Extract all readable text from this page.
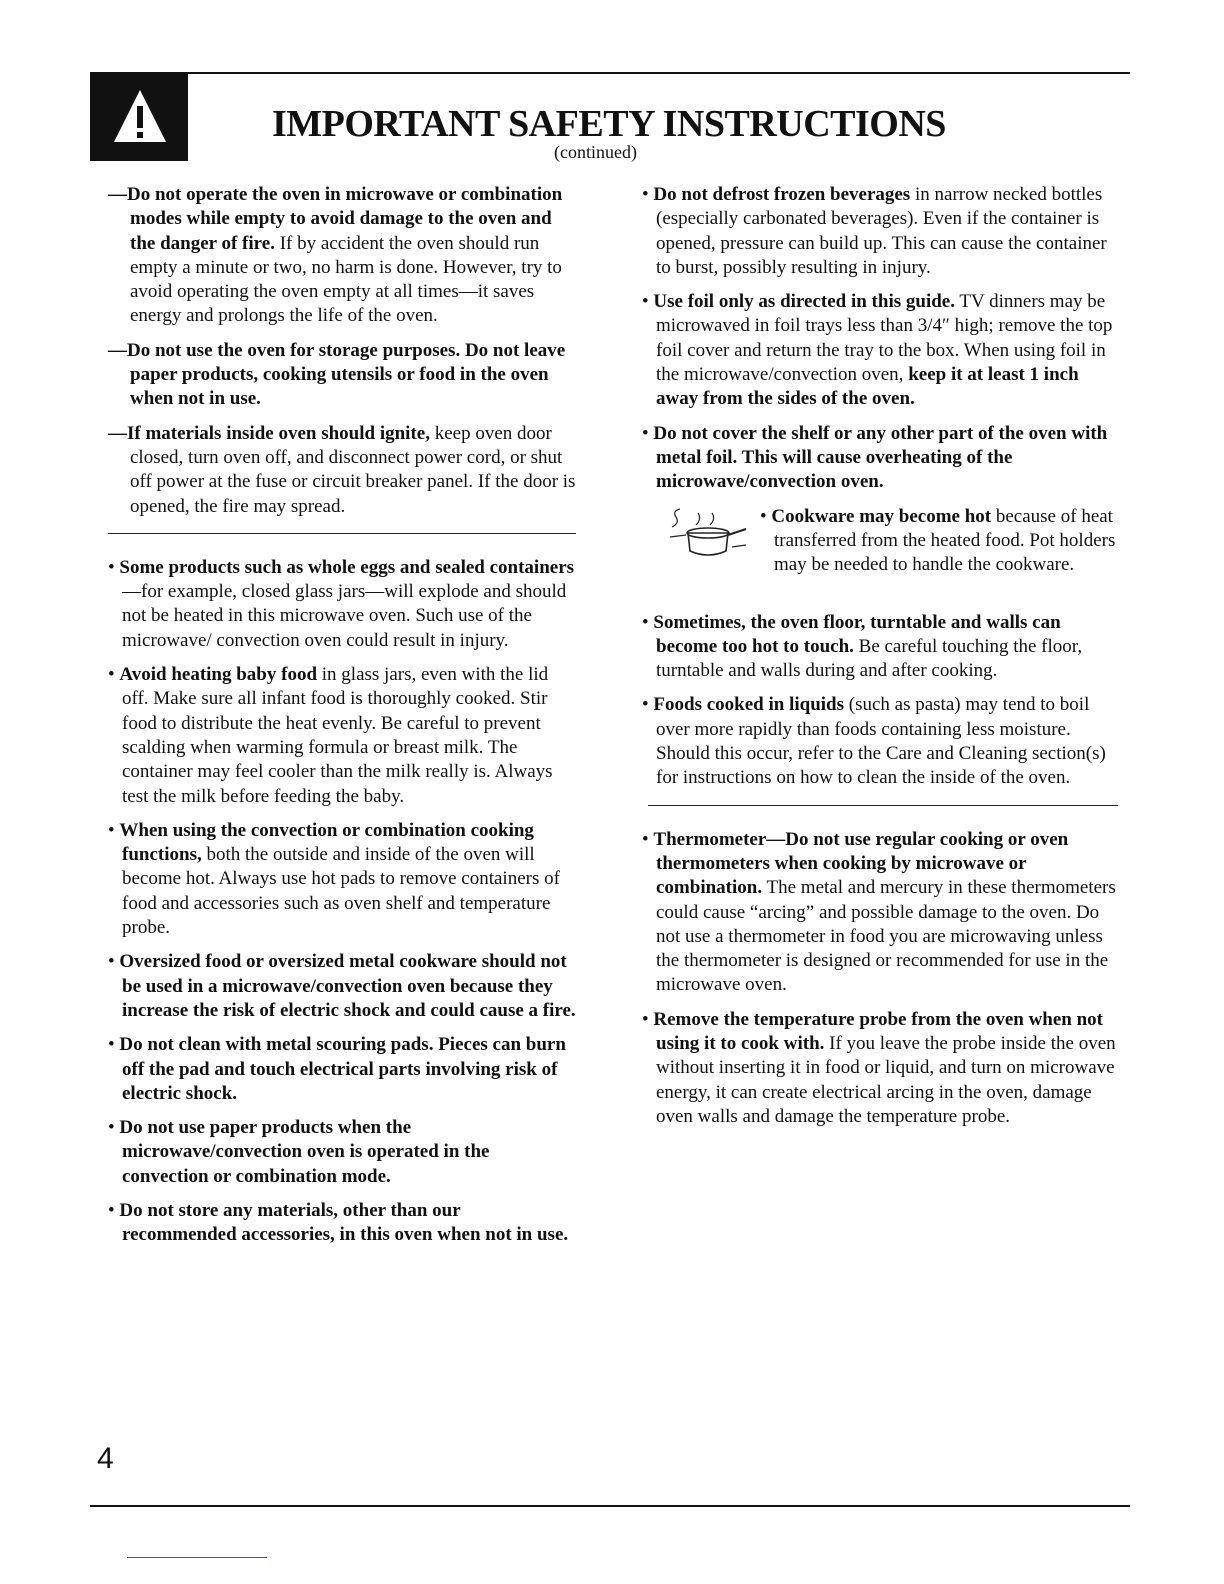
IMPORTANT SAFETY INSTRUCTIONS
(continued)
—Do not operate the oven in microwave or combination modes while empty to avoid damage to the oven and the danger of fire. If by accident the oven should run empty a minute or two, no harm is done. However, try to avoid operating the oven empty at all times—it saves energy and prolongs the life of the oven.
—Do not use the oven for storage purposes. Do not leave paper products, cooking utensils or food in the oven when not in use.
—If materials inside oven should ignite, keep oven door closed, turn oven off, and disconnect power cord, or shut off power at the fuse or circuit breaker panel. If the door is opened, the fire may spread.
• Some products such as whole eggs and sealed containers—for example, closed glass jars—will explode and should not be heated in this microwave oven. Such use of the microwave/ convection oven could result in injury.
• Avoid heating baby food in glass jars, even with the lid off. Make sure all infant food is thoroughly cooked. Stir food to distribute the heat evenly. Be careful to prevent scalding when warming formula or breast milk. The container may feel cooler than the milk really is. Always test the milk before feeding the baby.
• When using the convection or combination cooking functions, both the outside and inside of the oven will become hot. Always use hot pads to remove containers of food and accessories such as oven shelf and temperature probe.
• Oversized food or oversized metal cookware should not be used in a microwave/convection oven because they increase the risk of electric shock and could cause a fire.
• Do not clean with metal scouring pads. Pieces can burn off the pad and touch electrical parts involving risk of electric shock.
• Do not use paper products when the microwave/convection oven is operated in the convection or combination mode.
• Do not store any materials, other than our recommended accessories, in this oven when not in use.
• Do not defrost frozen beverages in narrow necked bottles (especially carbonated beverages). Even if the container is opened, pressure can build up. This can cause the container to burst, possibly resulting in injury.
• Use foil only as directed in this guide. TV dinners may be microwaved in foil trays less than 3/4″ high; remove the top foil cover and return the tray to the box. When using foil in the microwave/convection oven, keep it at least 1 inch away from the sides of the oven.
• Do not cover the shelf or any other part of the oven with metal foil. This will cause overheating of the microwave/convection oven.
• Cookware may become hot because of heat transferred from the heated food. Pot holders may be needed to handle the cookware.
• Sometimes, the oven floor, turntable and walls can become too hot to touch. Be careful touching the floor, turntable and walls during and after cooking.
• Foods cooked in liquids (such as pasta) may tend to boil over more rapidly than foods containing less moisture. Should this occur, refer to the Care and Cleaning section(s) for instructions on how to clean the inside of the oven.
• Thermometer—Do not use regular cooking or oven thermometers when cooking by microwave or combination. The metal and mercury in these thermometers could cause “arcing” and possible damage to the oven. Do not use a thermometer in food you are microwaving unless the thermometer is designed or recommended for use in the microwave oven.
• Remove the temperature probe from the oven when not using it to cook with. If you leave the probe inside the oven without inserting it in food or liquid, and turn on microwave energy, it can create electrical arcing in the oven, damage oven walls and damage the temperature probe.
4
